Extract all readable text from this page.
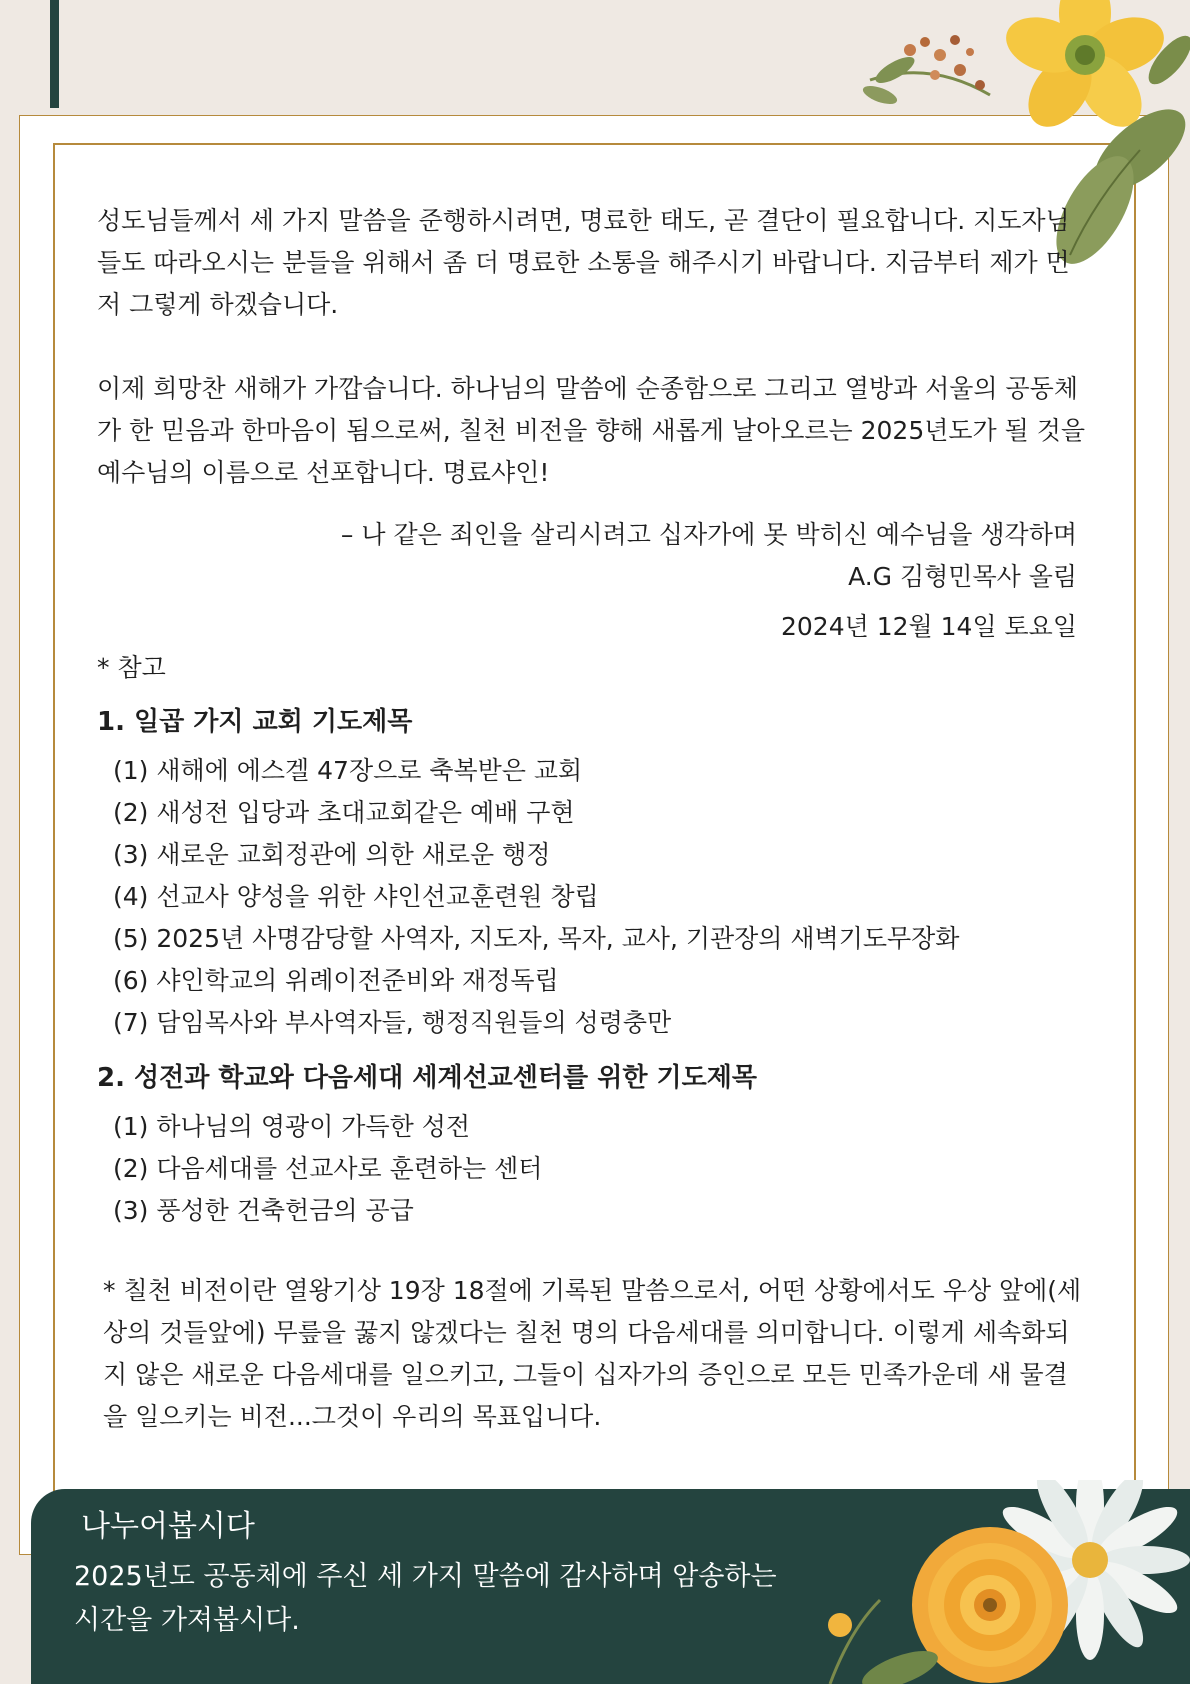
성도님들께서 세 가지 말씀을 준행하시려면, 명료한 태도, 곧 결단이 필요합니다. 지도자님들도 따라오시는 분들을 위해서 좀 더 명료한 소통을 해주시기 바랍니다. 지금부터 제가 먼저 그렇게 하겠습니다.

이제 희망찬 새해가 가깝습니다. 하나님의 말씀에 순종함으로 그리고 열방과 서울의 공동체가 한 믿음과 한마음이 됨으로써, 칠천 비전을 향해 새롭게 날아오르는 2025년도가 될 것을 예수님의 이름으로 선포합니다. 명료샤인!

– 나 같은 죄인을 살리시려고 십자가에 못 박히신 예수님을 생각하며
A.G 김형민목사 올림
2024년 12월 14일 토요일
* 참고
1. 일곱 가지 교회 기도제목
(1) 새해에 에스겔 47장으로 축복받은 교회
(2) 새성전 입당과 초대교회같은 예배 구현
(3) 새로운 교회정관에 의한 새로운 행정
(4) 선교사 양성을 위한 샤인선교훈련원 창립
(5) 2025년 사명감당할 사역자, 지도자, 목자, 교사, 기관장의 새벽기도무장화
(6) 샤인학교의 위례이전준비와 재정독립
(7) 담임목사와 부사역자들, 행정직원들의 성령충만
2. 성전과 학교와 다음세대 세계선교센터를 위한 기도제목
(1) 하나님의 영광이 가득한 성전
(2) 다음세대를 선교사로 훈련하는 센터
(3) 풍성한 건축헌금의 공급

* 칠천 비전이란 열왕기상 19장 18절에 기록된 말씀으로서, 어떤 상황에서도 우상 앞에(세상의 것들앞에) 무릎을 꿇지 않겠다는 칠천 명의 다음세대를 의미합니다. 이렇게 세속화되지 않은 새로운 다음세대를 일으키고, 그들이 십자가의 증인으로 모든 민족가운데 새 물결을 일으키는 비전...그것이 우리의 목표입니다.

나누어봅시다
2025년도 공동체에 주신 세 가지 말씀에 감사하며 암송하는 시간을 가져봅시다.
